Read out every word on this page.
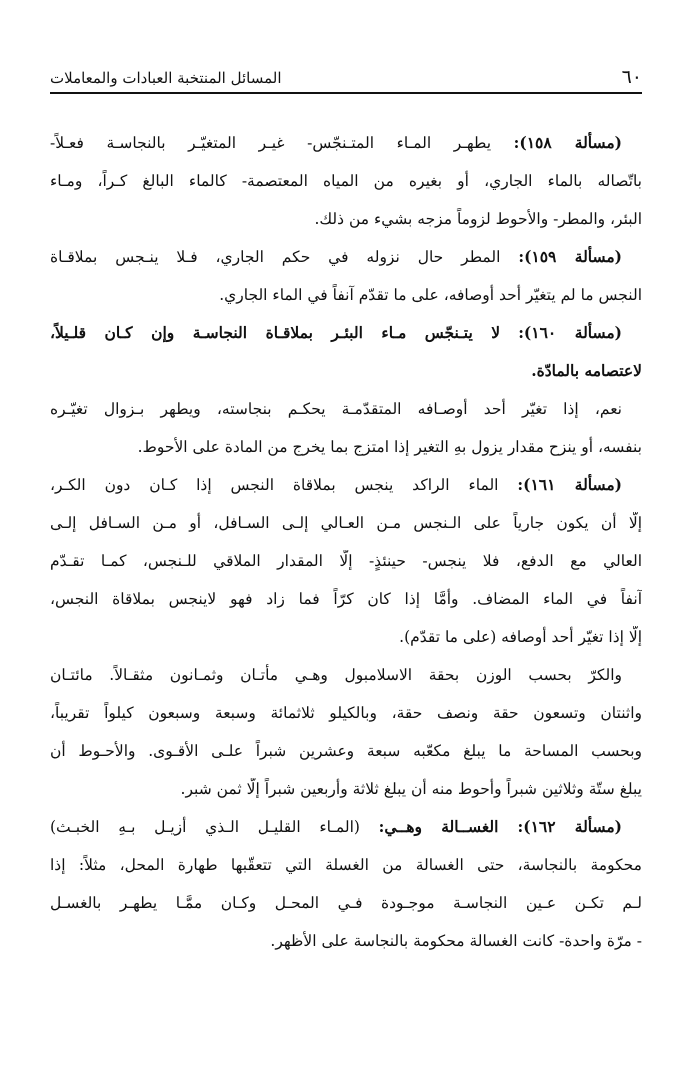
٦٠
المسائل المنتخبة العبادات والمعاملات
(مسألة ١٥٨): يطهـر المـاء المتـنجّس- غيـر المتغيّـر بالنجاسـة فعـلاً-
باتّصاله بالماء الجاري، أو بغيره من المياه المعتصمة- كالماء البالغ كـراً، ومـاء
البئر، والمطر- والأحوط لزوماً مزجه بشيء من ذلك.
(مسألة ١٥٩): المطر حال نزوله في حكم الجاري، فـلا ينـجس بملاقـاة
النجس ما لم يتغيّر أحد أوصافه، على ما تقدّم آنفاً في الماء الجاري.
(مسألة ١٦٠): لا يتـنجّس مـاء البئـر بملاقـاة النجاسـة وإن كـان قلـيلاً،
لاعتصامه بالمادّة.
نعم، إذا تغيّر أحد أوصـافه المتقدّمـة يحكـم بنجاسته، ويطهر بـزوال تغيّـره
بنفسه، أو ينزح مقدار يزول بهِ التغير إذا امتزج بما يخرج من المادة على الأحوط.
(مسألة ١٦١): الماء الراكد ينجس بملاقاة النجس إذا كـان دون الكـر،
إلّا أن يكون جارياً على الـنجس مـن العـالي إلـى السـافل، أو مـن السـافل إلـى
العالي مع الدفع، فلا ينجس- حينئذٍ- إلّا المقدار الملاقي للـنجس، كمـا تقـدّم
آنفاً في الماء المضاف. وأمَّا إذا كان كرّاً فما زاد فهو لاينجس بملاقاة النجس،
إلّا إذا تغيّر أحد أوصافه (على ما تقدّم).
والكرّ بحسب الوزن بحقة الاسلامبول وهـي مأتـان وثمـانون مثقـالاً. مائتـان
واثنتان وتسعون حقة ونصف حقة، وبالكيلو ثلاثمائة وسبعة وسبعون كيلواً تقريباً،
وبحسب المساحة ما يبلغ مكعّبه سبعة وعشرين شبراً علـى الأقـوى. والأحـوط أن
يبلغ ستّة وثلاثين شبراً وأحوط منه أن يبلغ ثلاثة وأربعين شبراً إلّا ثمن شبر.
(مسألة ١٦٢): الغســالة وهــي: (المـاء القليـل الـذي أزيـل بـهِ الخبـث)
محكومة بالنجاسة، حتى الغسالة من الغسلة التي تتعقّبها طهارة المحل، مثلاً: إذا
لـم تكـن عـين النجاسـة موجـودة فـي المحـل وكـان ممَّـا يطهـر بالغسـل
- مرّة واحدة- كانت الغسالة محكومة بالنجاسة على الأظهر.
